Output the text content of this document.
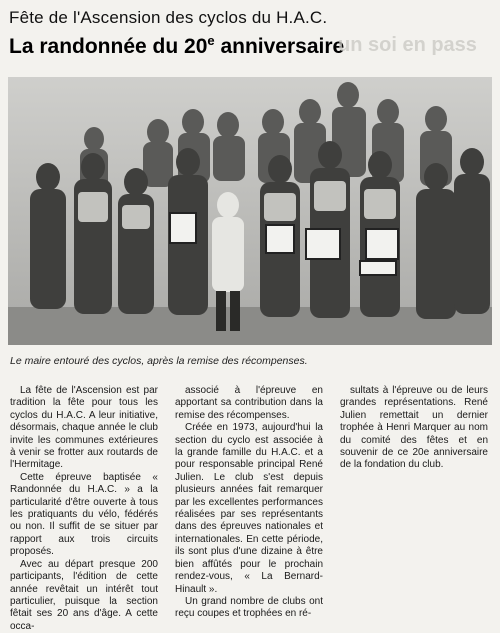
Fête de l'Ascension des cyclos du H.A.C.
La randonnée du 20e anniversaire
un soi en pass
Le maire entouré des cyclos, après la remise des récompenses.

La fête de l'Ascension est par tradition la fête pour tous les cyclos du H.A.C. A leur initiative, désormais, chaque année le club invite les communes extérieures à venir se frotter aux routards de l'Hermitage.

Cette épreuve baptisée « Randonnée du H.A.C. » a la particularité d'être ouverte à tous les pratiquants du vélo, fédérés ou non. Il suffit de se situer par rapport aux trois circuits proposés.

Avec au départ presque 200 participants, l'édition de cette année revêtait un intérêt tout particulier, puisque la section fêtait ses 20 ans d'âge. A cette occa-

associé à l'épreuve en apportant sa contribution dans la remise des récompenses.

Créée en 1973, aujourd'hui la section du cyclo est associée à la grande famille du H.A.C. et a pour responsable principal René Julien. Le club s'est depuis plusieurs années fait remarquer par les excellentes performances réalisées par ses représentants dans des épreuves nationales et internationales. En cette période, ils sont plus d'une dizaine à être bien affûtés pour le prochain rendez-vous, « La Bernard-Hinault ».

Un grand nombre de clubs ont reçu coupes et trophées en ré-

sultats à l'épreuve ou de leurs grandes représentations. René Julien remettait un dernier trophée à Henri Marquer au nom du comité des fêtes et en souvenir de ce 20e anniversaire de la fondation du club.
